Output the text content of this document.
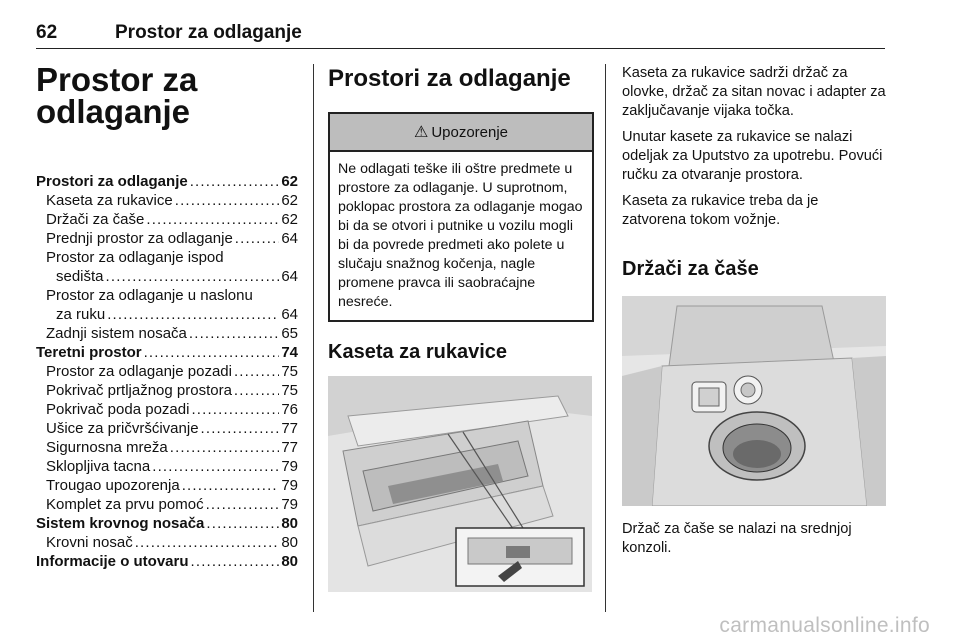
62	Prostor za odlaganje
Prostor za
odlaganje
Prostori za odlaganje . . .	62
Kaseta za rukavice . . .	62
Držači za čaše . . .	62
Prednji prostor za odlaganje . . .	64
Prostor za odlaganje ispod
sedišta . . .	64
Prostor za odlaganje u naslonu
za ruku . . .	64
Zadnji sistem nosača . . .	65
Teretni prostor . . .	74
Prostor za odlaganje pozadi . . .	75
Pokrivač prtljažnog prostora . . .	75
Pokrivač poda pozadi . . .	76
Ušice za pričvršćivanje . . .	77
Sigurnosna mreža . . .	77
Sklopljiva tacna . . .	79
Trougao upozorenja . . .	79
Komplet za prvu pomoć . . .	79
Sistem krovnog nosača . . .	80
Krovni nosač . . .	80
Informacije o utovaru . . .	80
Prostori za odlaganje
⚠ Upozorenje
Ne odlagati teške ili oštre predmete u prostore za odlaganje. U suprotnom, poklopac prostora za odlaganje mogao bi da se otvori i putnike u vozilu mogli bi da povrede predmeti ako polete u slučaju snažnog kočenja, nagle promene pravca ili saobraćajne nesreće.
Kaseta za rukavice

Kaseta za rukavice sadrži držač za olovke, držač za sitan novac i adapter za zaključavanje vijaka točka.

Unutar kasete za rukavice se nalazi odeljak za Uputstvo za upotrebu. Povući ručku za otvaranje prostora.

Kaseta za rukavice treba da je zatvorena tokom vožnje.

Držači za čaše
Držač za čaše se nalazi na srednjoj konzoli.
carmanualsonline.info
